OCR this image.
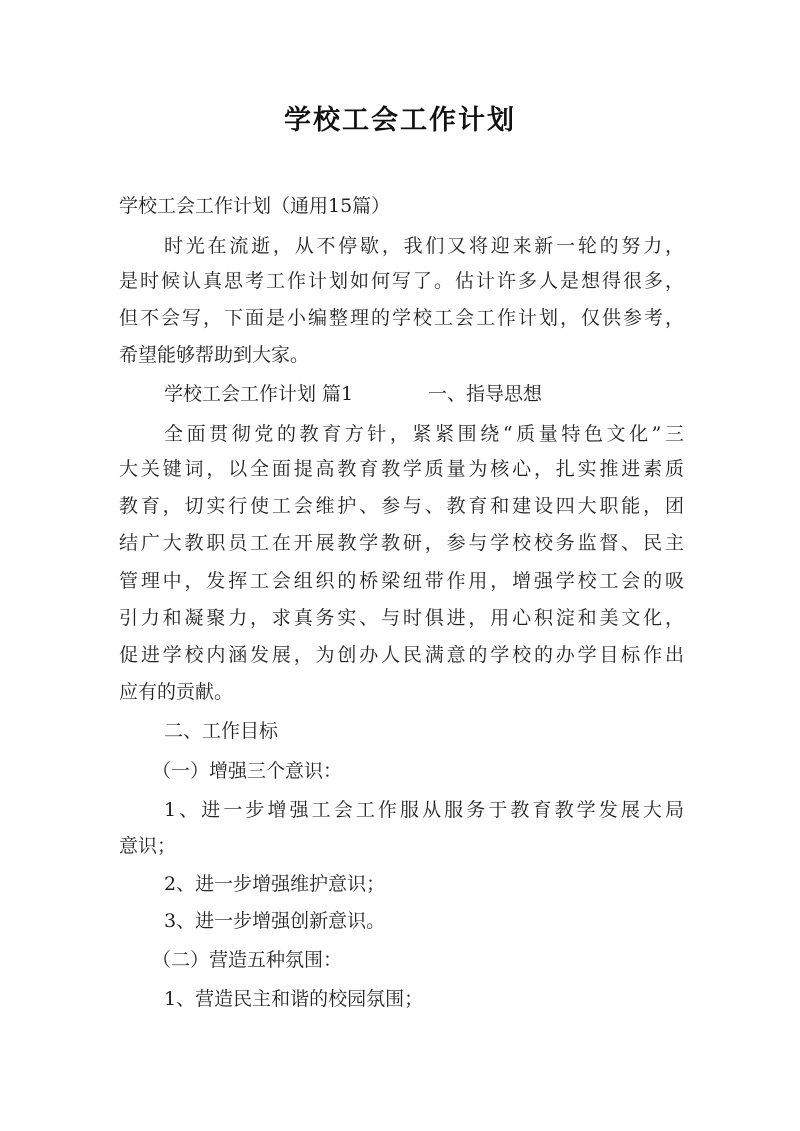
学校工会工作计划
学校工会工作计划（通用15篇）
时光在流逝，从不停歇，我们又将迎来新一轮的努力，
是时候认真思考工作计划如何写了。估计许多人是想得很多，
但不会写，下面是小编整理的学校工会工作计划，仅供参考，
希望能够帮助到大家。
学校工会工作计划 篇1	一、指导思想
全面贯彻党的教育方针，紧紧围绕“质量特色文化”三
大关键词，以全面提高教育教学质量为核心，扎实推进素质
教育，切实行使工会维护、参与、教育和建设四大职能，团
结广大教职员工在开展教学教研，参与学校校务监督、民主
管理中，发挥工会组织的桥梁纽带作用，增强学校工会的吸
引力和凝聚力，求真务实、与时俱进，用心积淀和美文化，
促进学校内涵发展，为创办人民满意的学校的办学目标作出
应有的贡献。
二、工作目标
（一）增强三个意识：
1、进一步增强工会工作服从服务于教育教学发展大局
意识；
2、进一步增强维护意识；
3、进一步增强创新意识。
（二）营造五种氛围：
1、营造民主和谐的校园氛围；
